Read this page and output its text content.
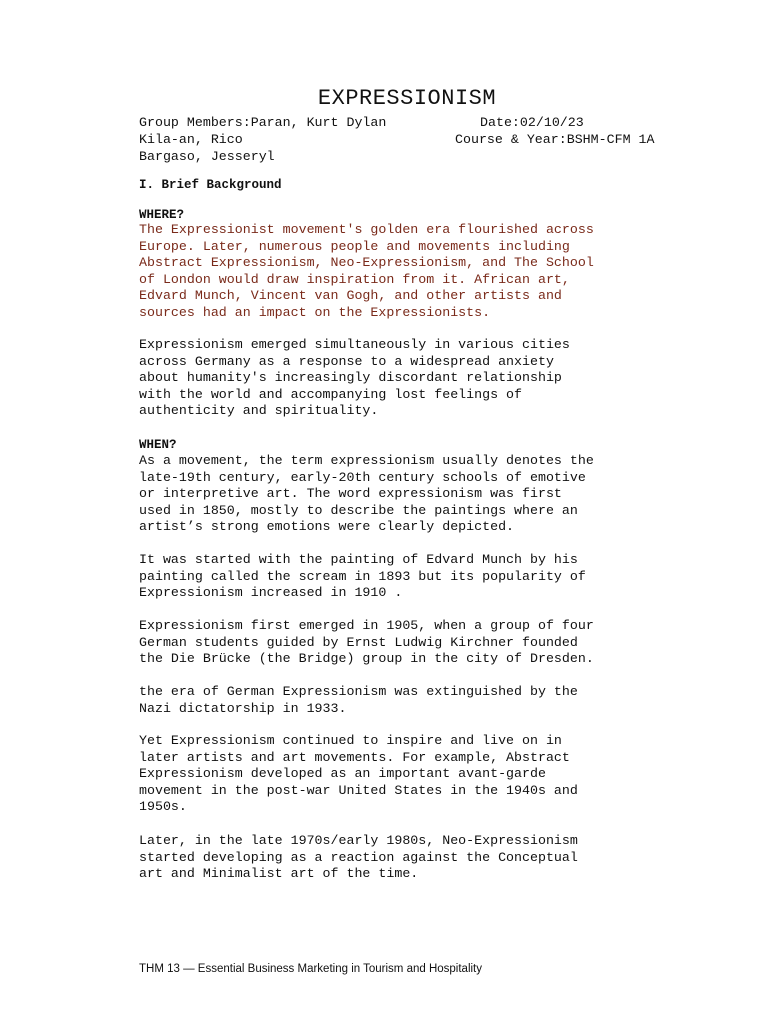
EXPRESSIONISM
Group Members:Paran, Kurt Dylan	Date:02/10/23
Kila-an, Rico	Course & Year:BSHM-CFM 1A
Bargaso, Jesseryl
I. Brief Background
WHERE?

The Expressionist movement's golden era flourished across
Europe. Later, numerous people and movements including
Abstract Expressionism, Neo-Expressionism, and The School
of London would draw inspiration from it. African art,
Edvard Munch, Vincent van Gogh, and other artists and
sources had an impact on the Expressionists.

Expressionism emerged simultaneously in various cities
across Germany as a response to a widespread anxiety
about humanity's increasingly discordant relationship
with the world and accompanying lost feelings of
authenticity and spirituality.

WHEN?

As a movement, the term expressionism usually denotes the
late-19th century, early-20th century schools of emotive
or interpretive art. The word expressionism was first
used in 1850, mostly to describe the paintings where an
artist’s strong emotions were clearly depicted.

It was started with the painting of Edvard Munch by his
painting called the scream in 1893 but its popularity of
Expressionism increased in 1910 .

Expressionism first emerged in 1905, when a group of four
German students guided by Ernst Ludwig Kirchner founded
the Die Brücke (the Bridge) group in the city of Dresden.

the era of German Expressionism was extinguished by the
Nazi dictatorship in 1933.

Yet Expressionism continued to inspire and live on in
later artists and art movements. For example, Abstract
Expressionism developed as an important avant-garde
movement in the post-war United States in the 1940s and
1950s.

Later, in the late 1970s/early 1980s, Neo-Expressionism
started developing as a reaction against the Conceptual
art and Minimalist art of the time.

THM 13 — Essential Business Marketing in Tourism and Hospitality
